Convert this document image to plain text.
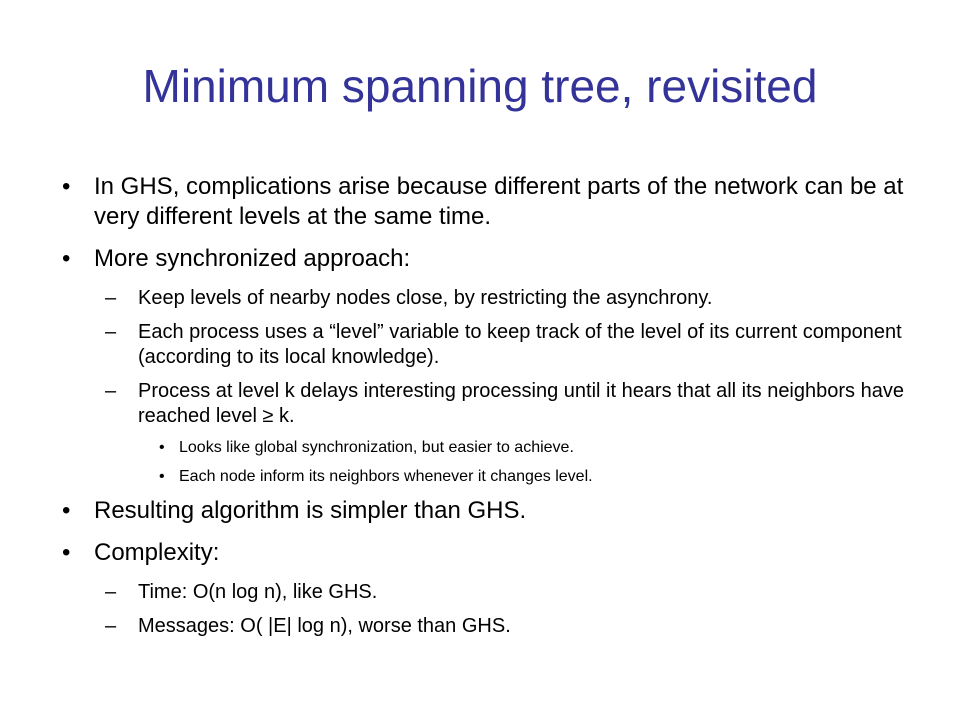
Minimum spanning tree, revisited
• In GHS, complications arise because different parts of the network can be at very different levels at the same time.
• More synchronized approach:
– Keep levels of nearby nodes close, by restricting the asynchrony.
– Each process uses a “level” variable to keep track of the level of its current component (according to its local knowledge).
– Process at level k delays interesting processing until it hears that all its neighbors have reached level ≥ k.
• Looks like global synchronization, but easier to achieve.
• Each node inform its neighbors whenever it changes level.
• Resulting algorithm is simpler than GHS.
• Complexity:
– Time: O(n log n), like GHS.
– Messages: O( |E| log n), worse than GHS.
